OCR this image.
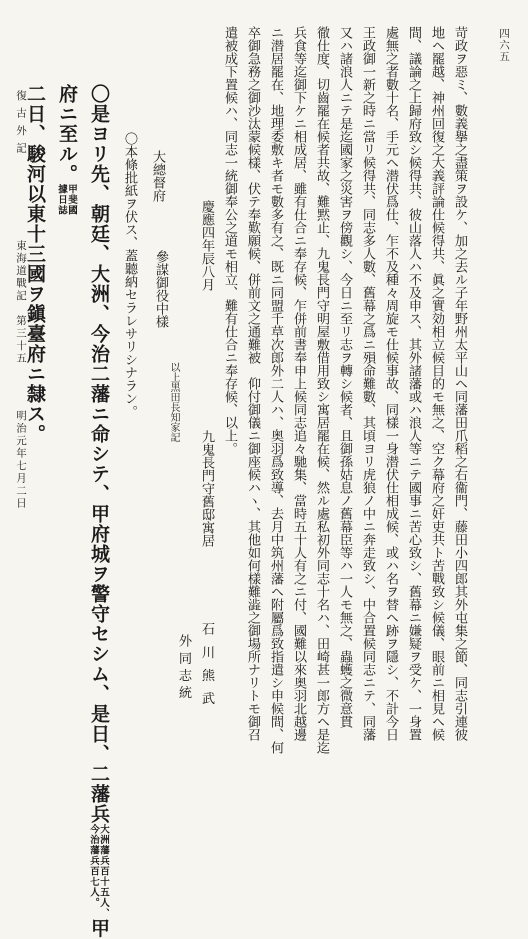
四六五
苛政ヲ惡ミ、數義擧之盡策ヲ設ケ、加之去ル子年野州太平山ヘ同藩田爪稻之右衞門、藤田小四郎其外屯集之節、同志引連彼
地ヘ罷越、神州回復之大義評論仕候得共、眞之實効相立候目的モ無之、空ク幕府之奸吏共ト苦戰致シ候儀、眼前ニ相見ヘ候
間、議論之上歸府致シ候得共、彼山落人ハ不及申ス、其外諸藩或ハ浪人等ニテ國事ニ苦心致シ、舊幕ニ嫌疑ヲ受ケ、一身置
處無之者數十名、手元ヘ潜伏爲仕、乍不及種々周旋モ仕候事故、同樣一身潜伏仕相成候、或ハ名ヲ替ヘ跡ヲ隱シ、不計今日
王政御一新之時ニ當リ候得共、同志多人數、舊幕之爲ニ殞命難數、其頃ヨリ虎狼ノ中ニ奔走致シ、中合置候同志ニテ、同藩
又ハ諸浪人ニテ是迄國家之災害ヲ傍觀シ、今日ニ至リ志ヲ轉シ候者、且御孫姑息ノ舊幕臣等ハ一人モ無之、蟲蠖之微意貫
徹仕度、切齒罷在候者共故、難黙止、九鬼長門守明屋敷借用致シ寓居罷在候、然ル處私初外同志十名ハ、田崎甚一郎方ヘ是迄
兵食等迄御下ケニ相成居、雖有仕合ニ奉存候、乍併前書奉申上候同志追々馳集、當時五十人有之ニ付、國難以來奥羽北越邊
ニ潜居罷在、地理委敷キ者モ數多有之、既ニ同盟千草次郎外二人ハ、奥羽爲致導、去月中筑州藩ヘ附屬爲致指遣シ申候間、何
卒御急務之御沙汰蒙候樣、伏テ奉歎願候、併前文之通難被　仰付御儀ニ御座候ハヽ、其他如何樣難澁之御場所ナリトモ御召
遣被成下置候ハ、同志一統御奉公之道モ相立、難有仕合ニ奉存候、以上。
慶應四年辰八月
九鬼長門守舊邸寓居
石川熊武
外同志統
參謀御役中樣
以上黑田長知家記
大總督府
〇本條批紙ヲ伏ス、蓋聽納セラレサリシナラン。
〇是ヨリ先、朝廷、大洲、今治二藩ニ命シテ、甲府城ヲ警守セシム、是日、二藩兵
大洲藩兵百十五人、
今治藩兵百七人。
甲
府ニ至ル。
甲斐國
據日誌
二日、駿河以東十三國ヲ鎭臺府ニ隸ス。
復古外記
東海道戰記　第三十五
明治元年七月二日
